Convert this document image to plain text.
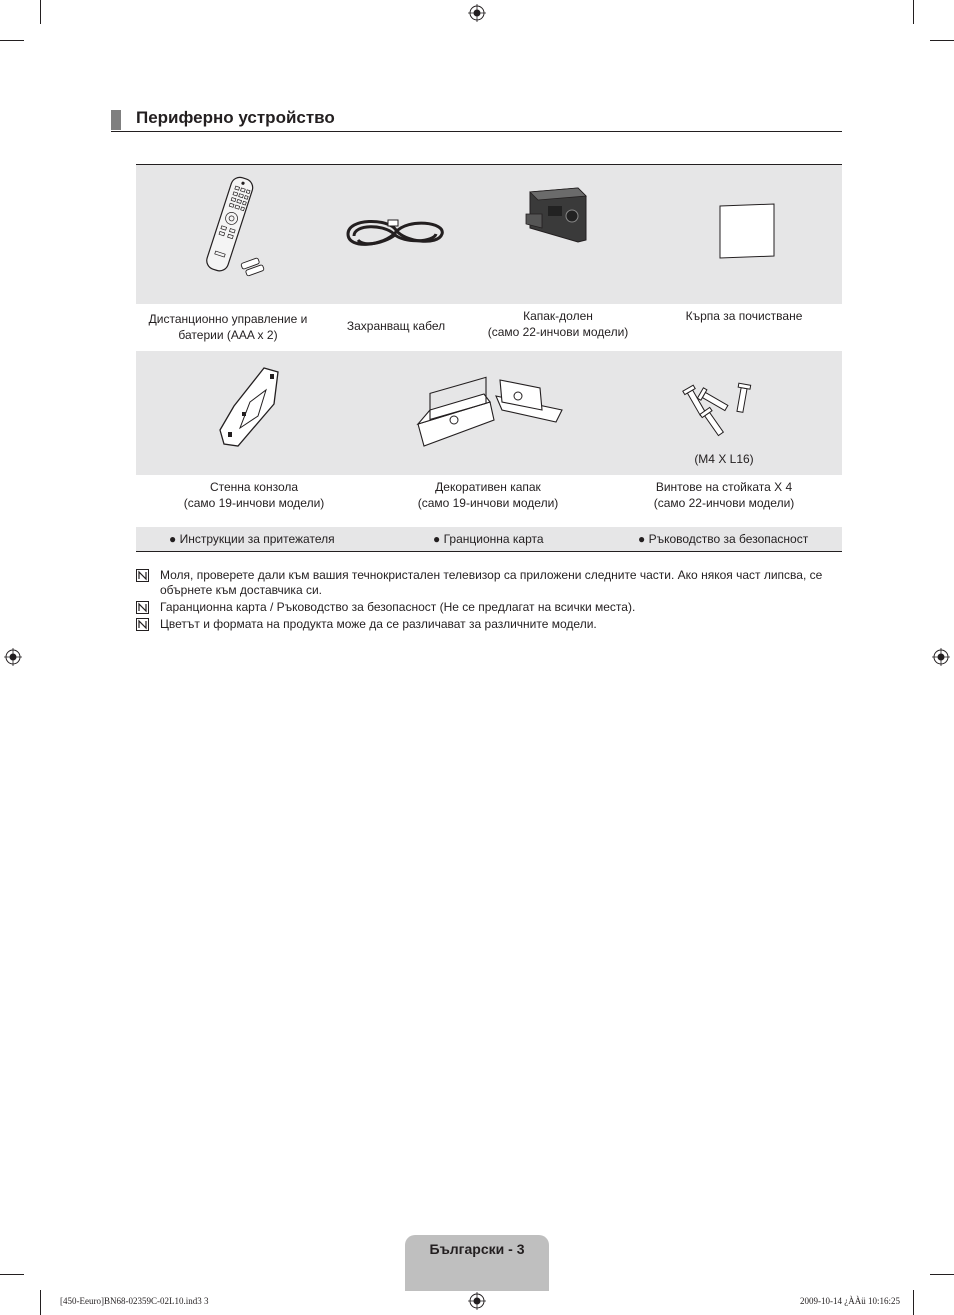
Периферно устройство
(M4 X L16)
Дистанционно управление и
батерии (AAA x 2)
Захранващ кабел
Капак-долен
(само 22-инчови модели)
Кърпа за почистване
Стенна конзола
(само 19-инчови модели)
Декоративен капак
(само 19-инчови модели)
Винтове на стойката X 4
(само 22-инчови модели)
● Инструкции за притежателя	● Гранционна карта	● Ръководство за безопасност
Моля, проверете дали към вашия течнокристален телевизор са приложени следните части. Ако някоя част липсва, се
обърнете към доставчика си.
Гаранционна карта / Ръководство за безопасност (Не се предлагат на всички места).
Цветът и формата на продукта може да се различават за различните модели.
Български - 3
[450-Eeuro]BN68-02359C-02L10.ind3 3	2009-10-14 ¿ÀÀü 10:16:25
